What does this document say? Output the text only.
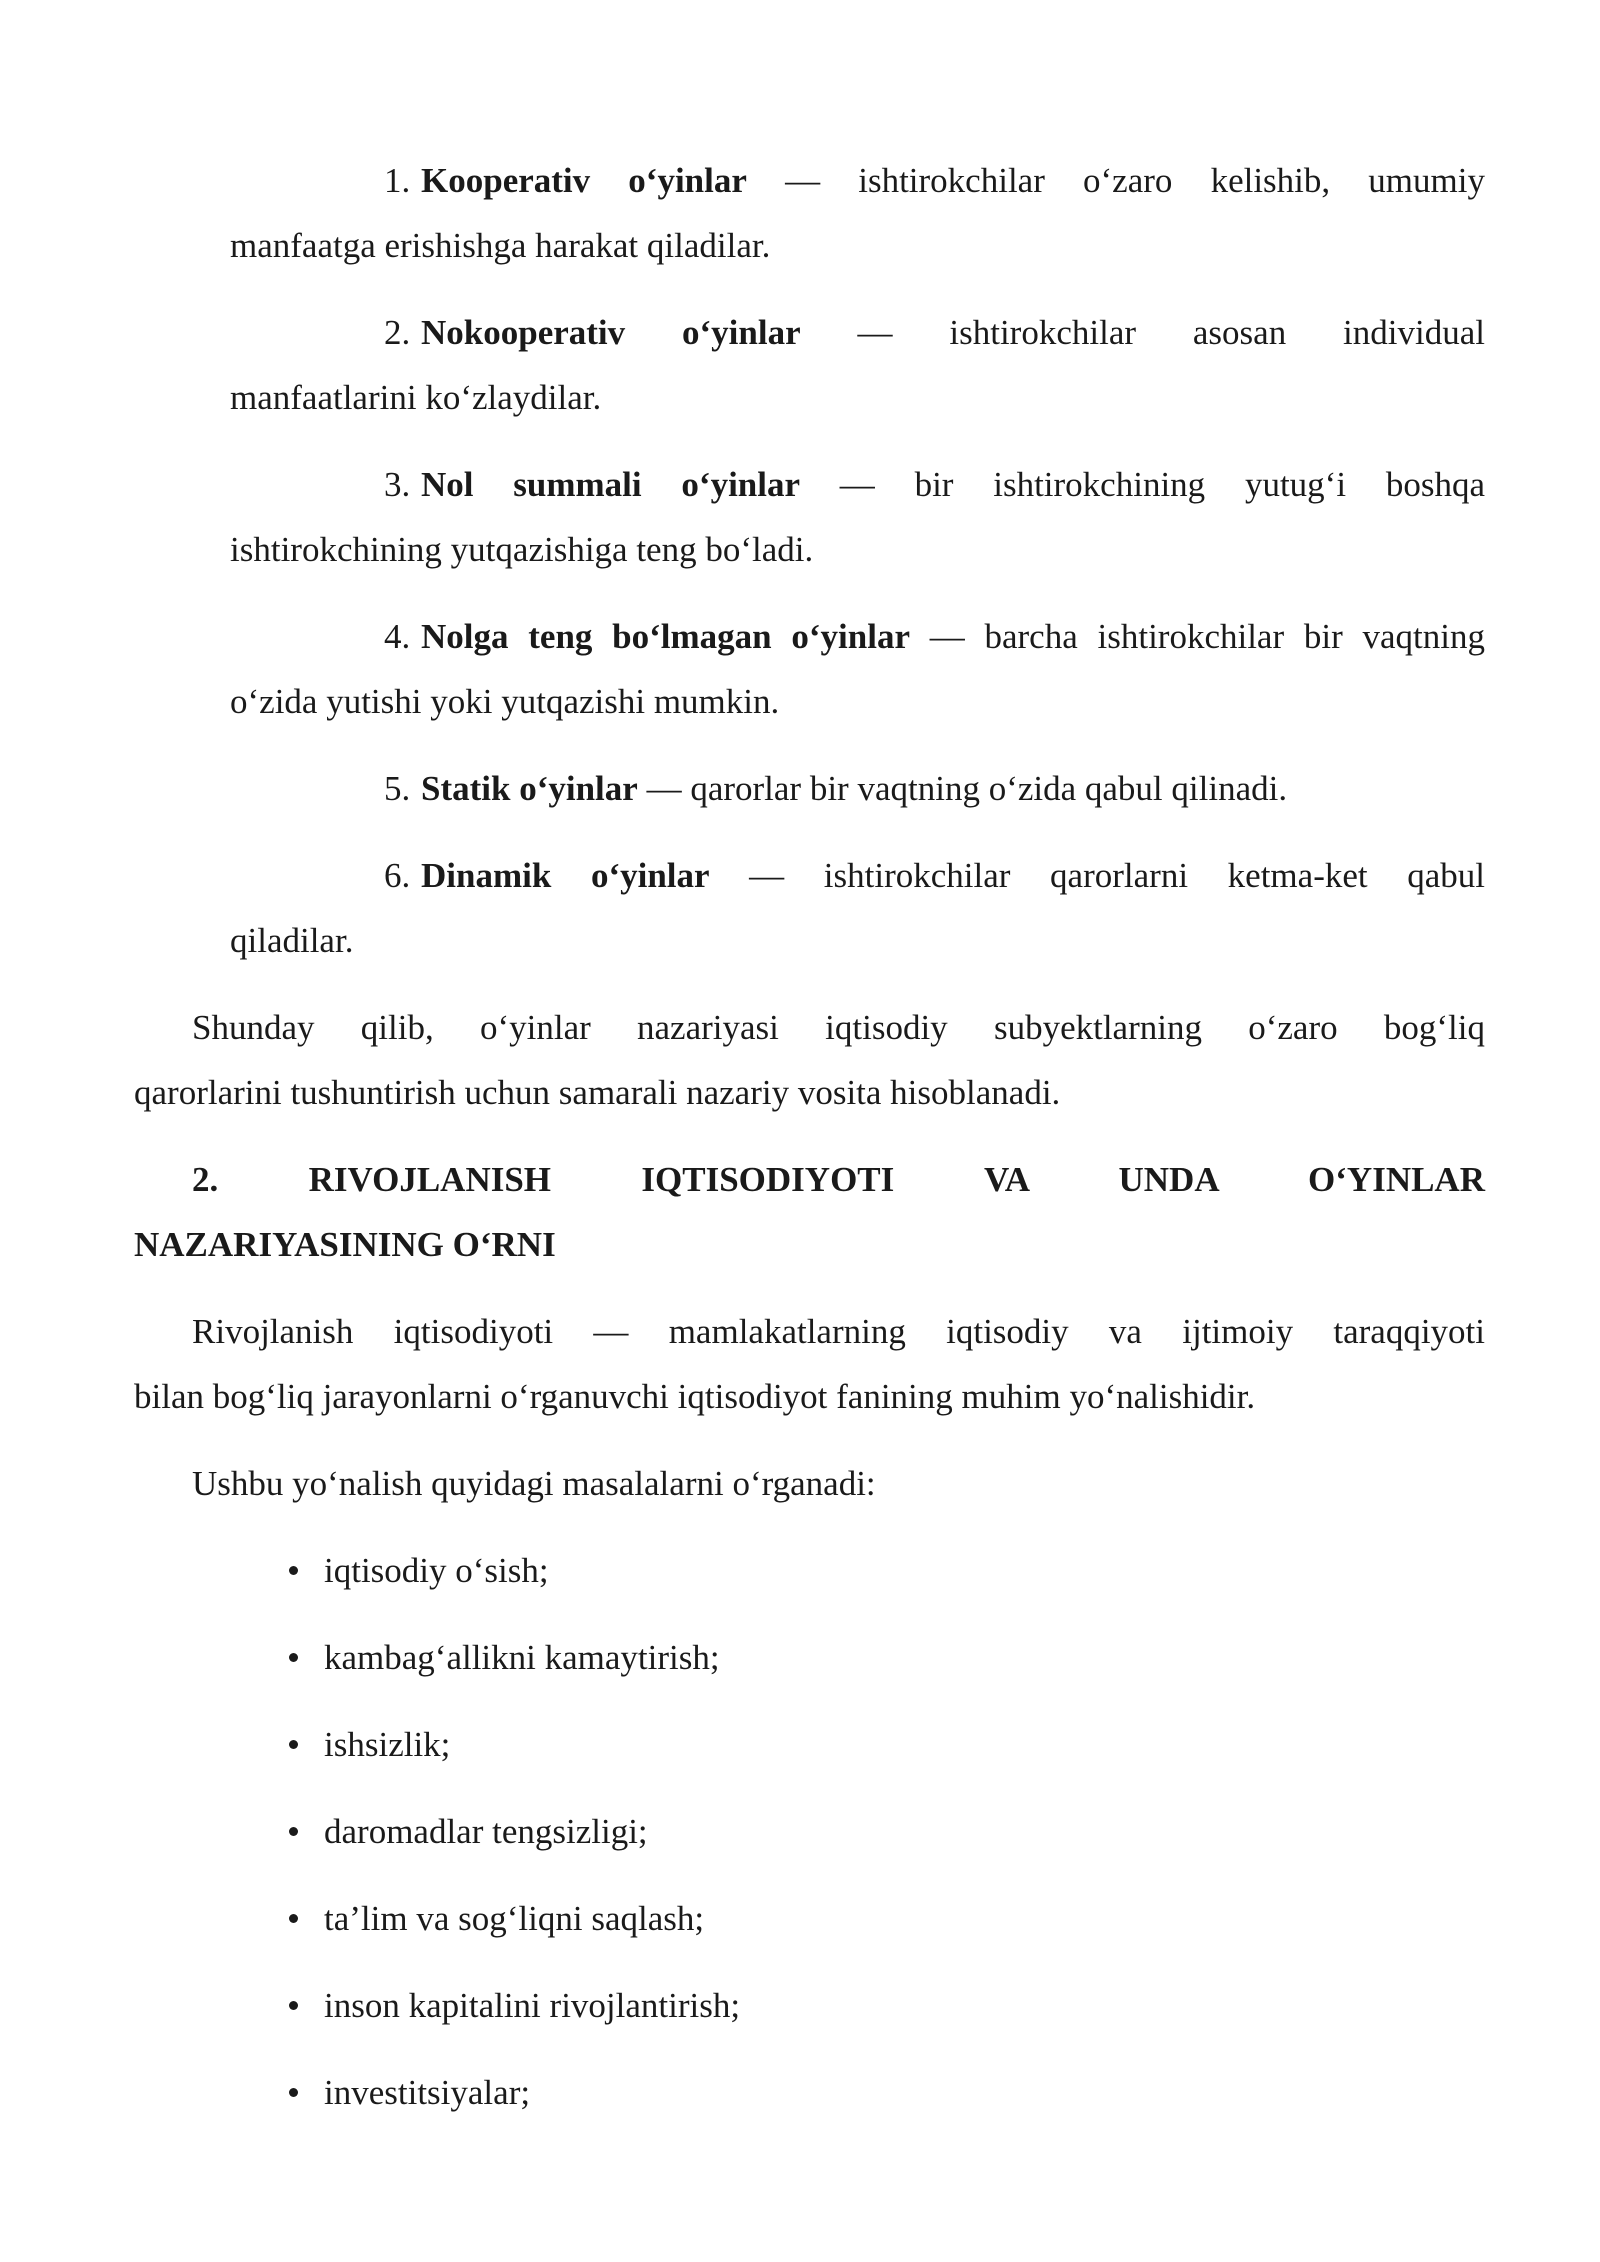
1. Kooperativ o‘yinlar — ishtirokchilar o‘zaro kelishib, umumiy
manfaatga erishishga harakat qiladilar.
2. Nokooperativ o‘yinlar — ishtirokchilar asosan individual
manfaatlarini ko‘zlaydilar.
3. Nol summali o‘yinlar — bir ishtirokchining yutug‘i boshqa
ishtirokchining yutqazishiga teng bo‘ladi.
4. Nolga teng bo‘lmagan o‘yinlar — barcha ishtirokchilar bir vaqtning
o‘zida yutishi yoki yutqazishi mumkin.
5. Statik o‘yinlar — qarorlar bir vaqtning o‘zida qabul qilinadi.
6. Dinamik o‘yinlar — ishtirokchilar qarorlarni ketma-ket qabul
qiladilar.
Shunday qilib, o‘yinlar nazariyasi iqtisodiy subyektlarning o‘zaro bog‘liq
qarorlarini tushuntirish uchun samarali nazariy vosita hisoblanadi.
2. RIVOJLANISH IQTISODIYOTI VA UNDA O‘YINLAR
NAZARIYASINING O‘RNI
Rivojlanish iqtisodiyoti — mamlakatlarning iqtisodiy va ijtimoiy taraqqiyoti
bilan bog‘liq jarayonlarni o‘rganuvchi iqtisodiyot fanining muhim yo‘nalishidir.
Ushbu yo‘nalish quyidagi masalalarni o‘rganadi:
iqtisodiy o‘sish;
kambag‘allikni kamaytirish;
ishsizlik;
daromadlar tengsizligi;
ta’lim va sog‘liqni saqlash;
inson kapitalini rivojlantirish;
investitsiyalar;
